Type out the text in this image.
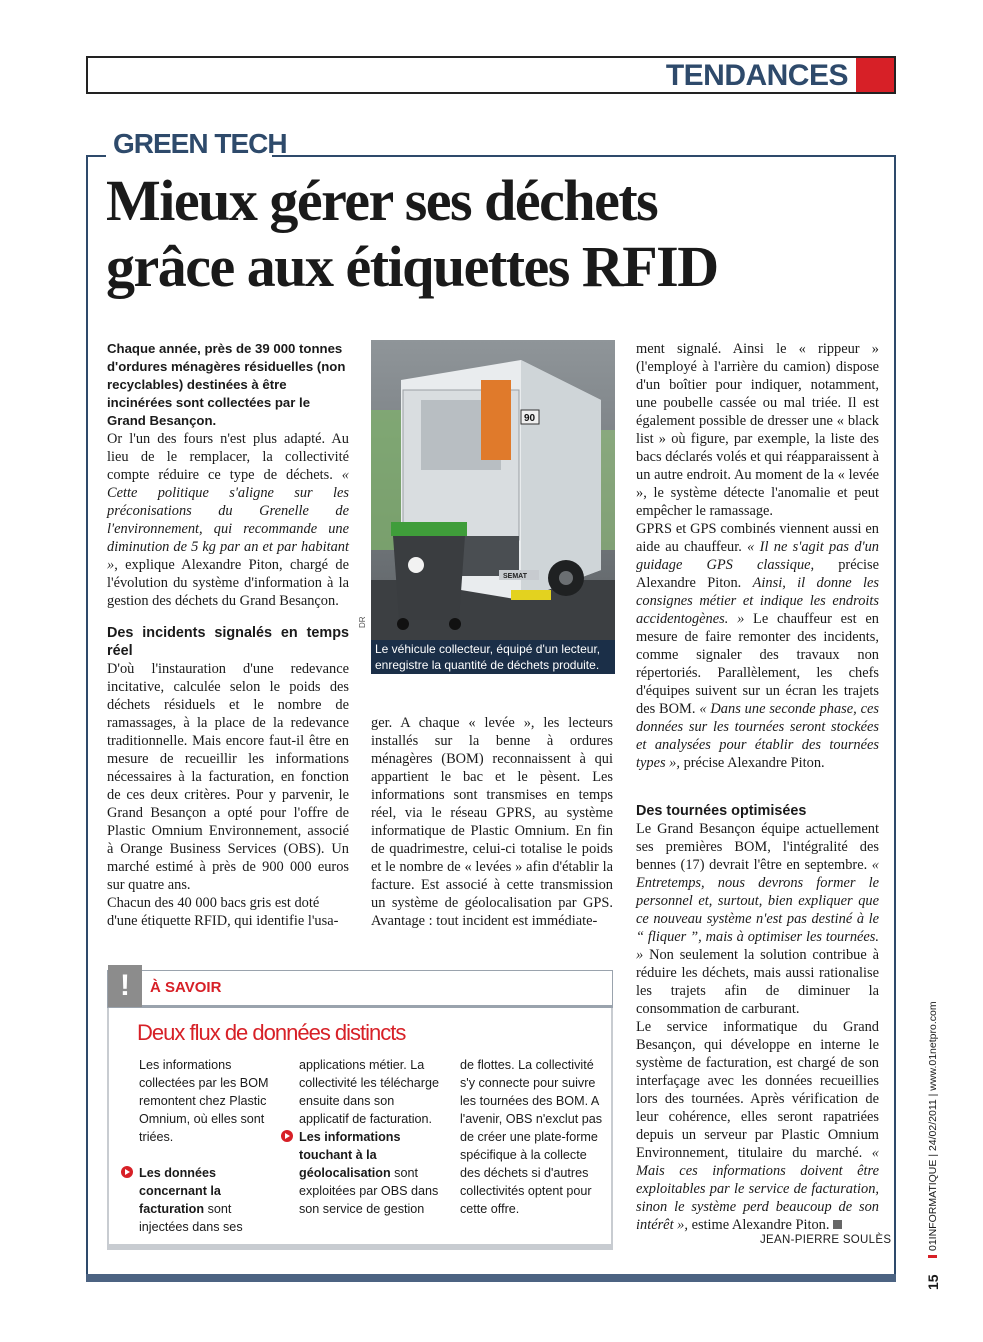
TENDANCES
GREEN TECH
Mieux gérer ses déchets
grâce aux étiquettes RFID

Chaque année, près de 39 000 tonnes d'ordures ménagères résiduelles (non recyclables) destinées à être incinérées sont collectées par le Grand Besançon.

Or l'un des fours n'est plus adapté. Au lieu de le remplacer, la collectivité compte réduire ce type de déchets. « Cette politique s'aligne sur les préconisations du Grenelle de l'environnement, qui recommande une diminution de 5 kg par an et par habitant », explique Alexandre Piton, chargé de l'évolution du système d'information à la gestion des déchets du Grand Besançon.

Des incidents signalés en temps réel

D'où l'instauration d'une redevance incitative, calculée selon le poids des déchets résiduels et le nombre de ramassages, à la place de la redevance traditionnelle. Mais encore faut-il être en mesure de recueillir les informations nécessaires à la facturation, en fonction de ces deux critères. Pour y parvenir, le Grand Besançon a opté pour l'offre de Plastic Omnium Environnement, associé à Orange Business Services (OBS). Un marché estimé à près de 900 000 euros sur quatre ans.

Chacun des 40 000 bacs gris est doté d'une étiquette RFID, qui identifie l'usa-

90
SEMAT
DR
Le véhicule collecteur, équipé d'un lecteur, enregistre la quantité de déchets produite.

ger. A chaque « levée », les lecteurs installés sur la benne à ordures ménagères (BOM) reconnaissent à qui appartient le bac et le pèsent. Les informations sont transmises en temps réel, via le réseau GPRS, au système informatique de Plastic Omnium. En fin de quadrimestre, celui-ci totalise le poids et le nombre de « levées » afin d'établir la facture. Est associé à cette transmission un système de géolocalisation par GPS. Avantage : tout incident est immédiate-

ment signalé. Ainsi le « rippeur » (l'employé à l'arrière du camion) dispose d'un boîtier pour indiquer, notamment, une poubelle cassée ou mal triée. Il est également possible de dresser une « black list » où figure, par exemple, la liste des bacs déclarés volés et qui réapparaissent à un autre endroit. Au moment de la « levée », le système détecte l'anomalie et peut empêcher le ramassage.

GPRS et GPS combinés viennent aussi en aide au chauffeur. « Il ne s'agit pas d'un guidage GPS classique, précise Alexandre Piton. Ainsi, il donne les consignes métier et indique les endroits accidentogènes. » Le chauffeur est en mesure de faire remonter des incidents, comme signaler des travaux non répertoriés. Parallèlement, les chefs d'équipes suivent sur un écran les trajets des BOM. « Dans une seconde phase, ces données sur les tournées seront stockées et analysées pour établir des tournées types », précise Alexandre Piton.

Des tournées optimisées

Le Grand Besançon équipe actuellement ses premières BOM, l'intégralité des bennes (17) devrait l'être en septembre. « Entretemps, nous devrons former le personnel et, surtout, bien expliquer que ce nouveau système n'est pas destiné à le “ fliquer ”, mais à optimiser les tournées. » Non seulement la solution contribue à réduire les déchets, mais aussi rationalise les trajets afin de diminuer la consommation de carburant.

Le service informatique du Grand Besançon, qui développe en interne le système de facturation, est chargé de son interfaçage avec les données recueillies lors des tournées. Après vérification de leur cohérence, elles seront rapatriées depuis un serveur par Plastic Omnium Environnement, titulaire du marché. « Mais ces informations doivent être exploitables par le service de facturation, sinon le système perd beaucoup de son intérêt », estime Alexandre Piton.

JEAN-PIERRE SOULÈS
!	À SAVOIR
Deux flux de données distincts

Les informations collectées par les BOM remontent chez Plastic Omnium, où elles sont triées.

Les données concernant la facturation sont injectées dans ses

applications métier. La collectivité les télécharge ensuite dans son applicatif de facturation.

Les informations touchant à la géolocalisation sont exploitées par OBS dans son service de gestion

de flottes. La collectivité s'y connecte pour suivre les tournées des BOM. A l'avenir, OBS n'exclut pas de créer une plate-forme spécifique à la collecte des déchets si d'autres collectivités optent pour cette offre.	01INFORMATIQUE | 24/02/2011 | www.01netpro.com
15
